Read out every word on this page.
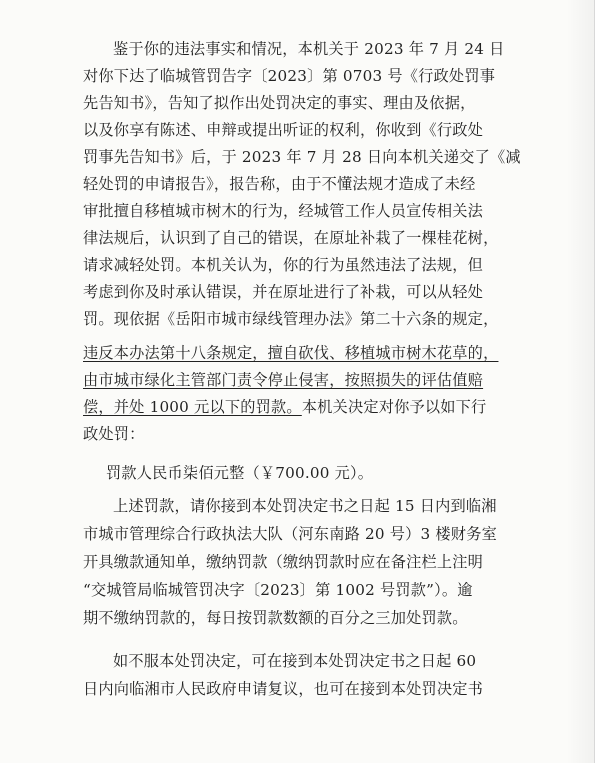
鉴于你的违法事实和情况，本机关于 2023 年 7 月 24 日
对你下达了临城管罚告字〔2023〕第 0703 号《行政处罚事
先告知书》，告知了拟作出处罚决定的事实、理由及依据，
以及你享有陈述、申辩或提出听证的权利，你收到《行政处
罚事先告知书》后，于 2023 年 7 月 28 日向本机关递交了《减
轻处罚的申请报告》，报告称，由于不懂法规才造成了未经
审批擅自移植城市树木的行为，经城管工作人员宣传相关法
律法规后，认识到了自己的错误，在原址补栽了一棵桂花树，
请求减轻处罚。本机关认为，你的行为虽然违法了法规，但
考虑到你及时承认错误，并在原址进行了补栽，可以从轻处
罚。现依据《岳阳市城市绿线管理办法》第二十六条的规定，
违反本办法第十八条规定，擅自砍伐、移植城市树木花草的，
由市城市绿化主管部门责令停止侵害，按照损失的评估值赔
偿，并处 1000 元以下的罚款。本机关决定对你予以如下行
政处罚：
罚款人民币柒佰元整（￥700.00 元）。
上述罚款，请你接到本处罚决定书之日起 15 日内到临湘
市城市管理综合行政执法大队（河东南路 20 号）3 楼财务室
开具缴款通知单，缴纳罚款（缴纳罚款时应在备注栏上注明
“交城管局临城管罚决字〔2023〕第 1002 号罚款”）。逾
期不缴纳罚款的，每日按罚款数额的百分之三加处罚款。
如不服本处罚决定，可在接到本处罚决定书之日起 60
日内向临湘市人民政府申请复议，也可在接到本处罚决定书
